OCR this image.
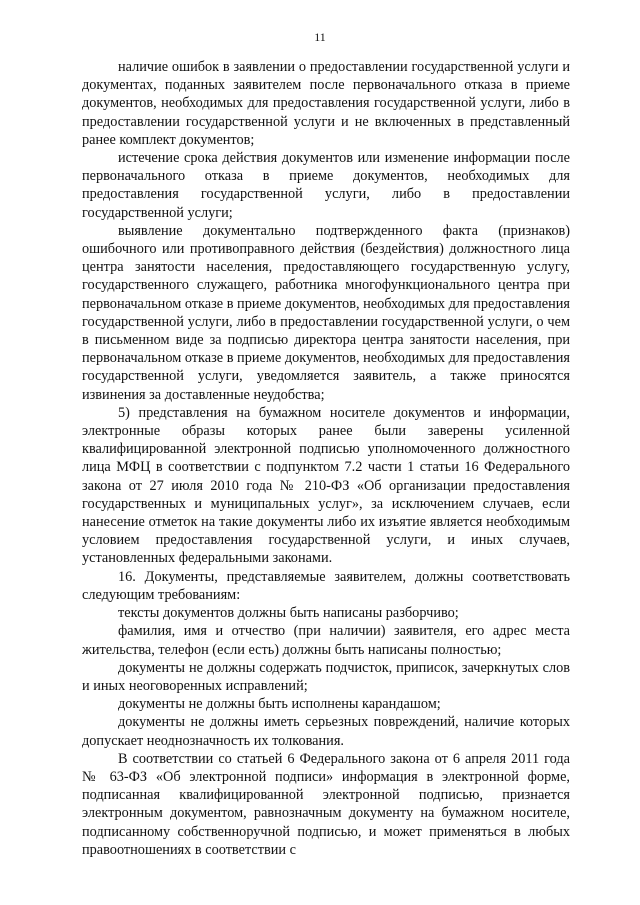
11

наличие ошибок в заявлении о предоставлении государственной услуги и документах, поданных заявителем после первоначального отказа в приеме документов, необходимых для предоставления государственной услуги, либо в предоставлении государственной услуги и не включенных в представленный ранее комплект документов;

истечение срока действия документов или изменение информации после первоначального отказа в приеме документов, необходимых для предоставления государственной услуги, либо в предоставлении государственной услуги;

выявление документально подтвержденного факта (признаков) ошибочного или противоправного действия (бездействия) должностного лица центра занятости населения, предоставляющего государственную услугу, государственного служащего, работника многофункционального центра при первоначальном отказе в приеме документов, необходимых для предоставления государственной услуги, либо в предоставлении государственной услуги, о чем в письменном виде за подписью директора центра занятости населения, при первоначальном отказе в приеме документов, необходимых для предоставления государственной услуги, уведомляется заявитель, а также приносятся извинения за доставленные неудобства;

5) представления на бумажном носителе документов и информации, электронные образы которых ранее были заверены усиленной квалифицированной электронной подписью уполномоченного должностного лица МФЦ в соответствии с подпунктом 7.2 части 1 статьи 16 Федерального закона от 27 июля 2010 года № 210-ФЗ «Об организации предоставления государственных и муниципальных услуг», за исключением случаев, если нанесение отметок на такие документы либо их изъятие является необходимым условием предоставления государственной услуги, и иных случаев, установленных федеральными законами.

16. Документы, представляемые заявителем, должны соответствовать следующим требованиям:

тексты документов должны быть написаны разборчиво;

фамилия, имя и отчество (при наличии) заявителя, его адрес места жительства, телефон (если есть) должны быть написаны полностью;

документы не должны содержать подчисток, приписок, зачеркнутых слов и иных неоговоренных исправлений;

документы не должны быть исполнены карандашом;

документы не должны иметь серьезных повреждений, наличие которых допускает неоднозначность их толкования.

В соответствии со статьей 6 Федерального закона от 6 апреля 2011 года № 63-ФЗ «Об электронной подписи» информация в электронной форме, подписанная квалифицированной электронной подписью, признается электронным документом, равнозначным документу на бумажном носителе, подписанному собственноручной подписью, и может применяться в любых правоотношениях в соответствии с
